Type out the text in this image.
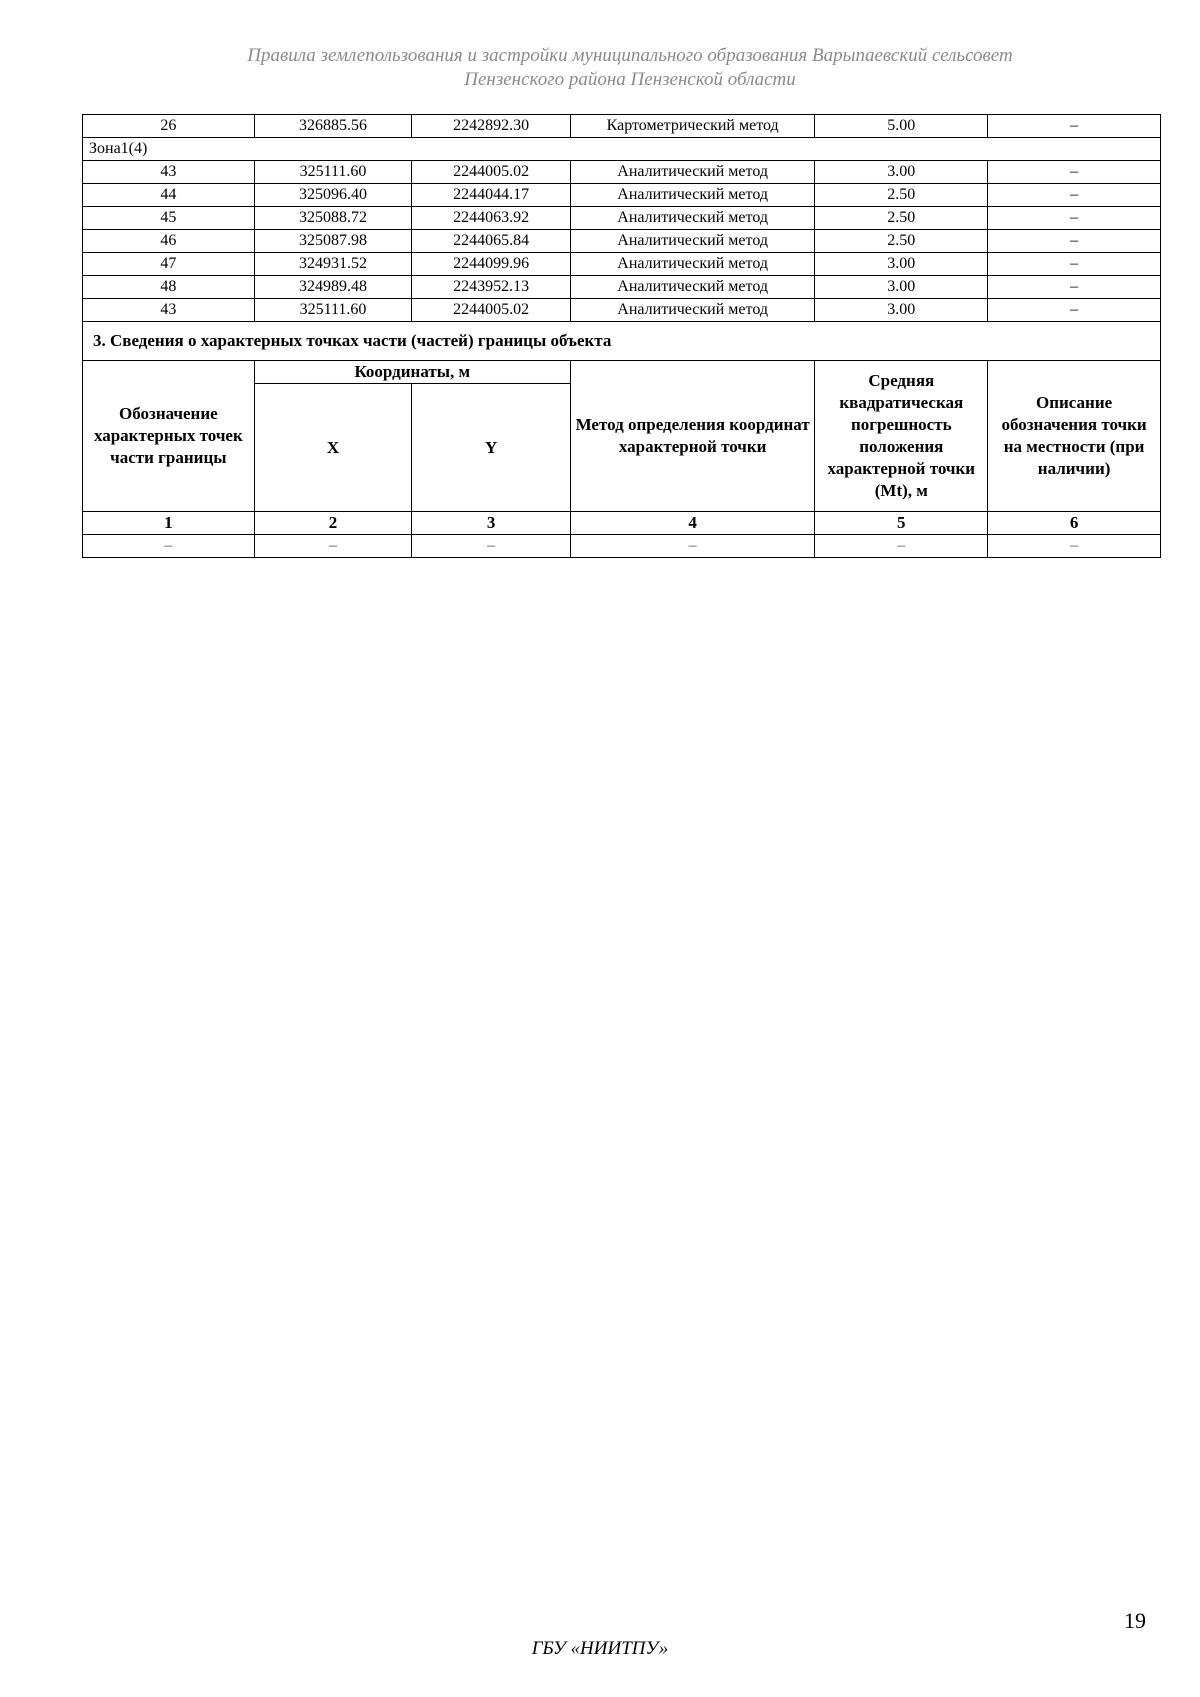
Правила землепользования и застройки муниципального образования Варыпаевский сельсовет
Пензенского района Пензенской области
26	326885.56	2242892.30	Картометрический метод	5.00	–
Зона1(4)					
43	325111.60	2244005.02	Аналитический метод	3.00	–
44	325096.40	2244044.17	Аналитический метод	2.50	–
45	325088.72	2244063.92	Аналитический метод	2.50	–
46	325087.98	2244065.84	Аналитический метод	2.50	–
47	324931.52	2244099.96	Аналитический метод	3.00	–
48	324989.48	2243952.13	Аналитический метод	3.00	–
43	325111.60	2244005.02	Аналитический метод	3.00	–
3. Сведения о характерных точках части (частей) границы объекта					
Обозначение характерных точек части границы	Координаты, м		Метод определения координат характерной точки	Средняя квадратическая погрешность положения характерной точки (Mt), м	Описание обозначения точки на местности (при наличии)
	X	Y			
1	2	3	4	5	6
–	–	–	–	–	–
19
ГБУ «НИИТПУ»
